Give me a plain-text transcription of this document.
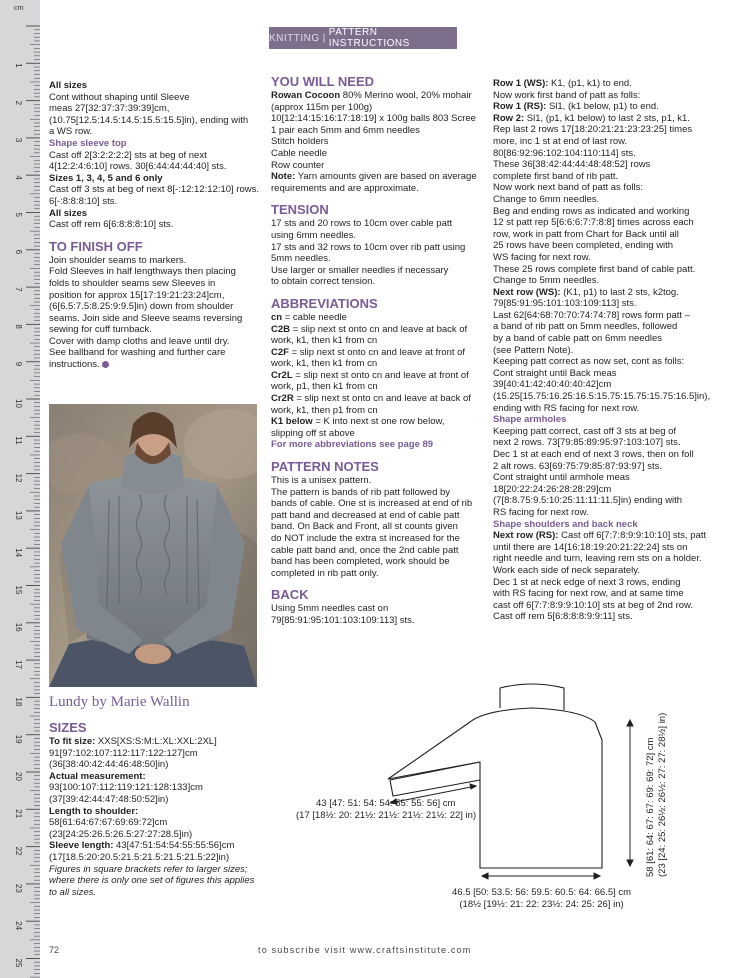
1
2
3
4
5
6
7
8
9
10
11
12
13
14
15
16
17
18
19
20
21
22
23
24
25
cm
KNITTING | PATTERN INSTRUCTIONS

All sizes

Cont without shaping until Sleeve

meas 27[32:37:37:39:39]cm,

(10.75[12.5:14.5:14.5:15.5:15.5]in), ending with

a WS row.

Shape sleeve top

Cast off 2[3:2:2:2:2] sts at beg of next

4[12:2:4:6:10] rows. 30[6:44:44:44:40] sts.

Sizes 1, 3, 4, 5 and 6 only

Cast off 3 sts at beg of next 8[-:12:12:12:10] rows.

6[-:8:8:8:10] sts.

All sizes

Cast off rem 6[6:8:8:8:10] sts.

TO FINISH OFF

Join shoulder seams to markers.

Fold Sleeves in half lengthways then placing

folds to shoulder seams sew Sleeves in

position for approx 15[17:19:21:23:24]cm,

(6[6.5:7.5:8.25:9:9.5]in) down from shoulder

seams. Join side and Sleeve seams reversing

sewing for cuff turnback.

Cover with damp cloths and leave until dry.

See ballband for washing and further care

instructions.

Lundy by Marie Wallin

SIZES

To fit size: XXS[XS:S:M:L:XL:XXL:2XL]

91[97:102:107:112:117:122:127]cm

(36[38:40:42:44:46:48:50]in)

Actual measurement:

93[100:107:112:119:121:128:133]cm

(37[39:42:44:47:48:50:52]in)

Length to shoulder:

58[61:64:67:67:69:69:72]cm

(23[24:25:26.5:26.5:27:27:28.5]in)

Sleeve length: 43[47:51:54:54:55:55:56]cm

(17[18.5:20:20.5:21.5:21.5:21.5:21.5:22]in)

Figures in square brackets refer to larger sizes;

where there is only one set of figures this applies

to all sizes.

YOU WILL NEED

Rowan Cocoon 80% Merino wool, 20% mohair

(approx 115m per 100g)

10[12:14:15:16:17:18:19] x 100g balls 803 Scree

1 pair each 5mm and 6mm needles

Stitch holders

Cable needle

Row counter

Note: Yarn amounts given are based on average

requirements and are approximate.

TENSION

17 sts and 20 rows to 10cm over cable patt

using 6mm needles.

17 sts and 32 rows to 10cm over rib patt using

5mm needles.

Use larger or smaller needles if necessary

to obtain correct tension.

ABBREVIATIONS

cn = cable needle

C2B = slip next st onto cn and leave at back of

work, k1, then k1 from cn

C2F = slip next st onto cn and leave at front of

work, k1, then k1 from cn

Cr2L = slip next st onto cn and leave at front of

work, p1, then k1 from cn

Cr2R = slip next st onto cn and leave at back of

work, k1, then p1 from cn

K1 below = K into next st one row below,

slipping off st above

For more abbreviations see page 89

PATTERN NOTES

This is a unisex pattern.

The pattern is bands of rib patt followed by

bands of cable. One st is increased at end of rib

patt band and decreased at end of cable patt

band. On Back and Front, all st counts given

do NOT include the extra st increased for the

cable patt band and, once the 2nd cable patt

band has been completed, work should be

completed in rib patt only.

BACK

Using 5mm needles cast on

79[85:91:95:101:103:109:113] sts.

Row 1 (WS): K1, (p1, k1) to end.

Now work first band of patt as folls:

Row 1 (RS): Sl1, (k1 below, p1) to end.

Row 2: Sl1, (p1, k1 below) to last 2 sts, p1, k1.

Rep last 2 rows 17[18:20:21:21:23:23:25] times

more, inc 1 st at end of last row.

80[86:92:96:102:104:110:114] sts.

These 36[38:42:44:44:48:48:52] rows

complete first band of rib patt.

Now work next band of patt as folls:

Change to 6mm needles.

Beg and ending rows as indicated and working

12 st patt rep 5[6:6:6:7:7:8:8] times across each

row, work in patt from Chart for Back until all

25 rows have been completed, ending with

WS facing for next row.

These 25 rows complete first band of cable patt.

Change to 5mm needles.

Next row (WS): (K1, p1) to last 2 sts, k2tog.

79[85:91:95:101:103:109:113] sts.

Last 62[64:68:70:70:74:74:78] rows form patt –

a band of rib patt on 5mm needles, followed

by a band of cable patt on 6mm needles

(see Pattern Note).

Keeping patt correct as now set, cont as folls:

Cont straight until Back meas

39[40:41:42:40:40:40:42]cm

(15.25[15.75:16.25:16.5:15.75:15.75:15.75:16.5]in),

ending with RS facing for next row.

Shape armholes

Keeping patt correct, cast off 3 sts at beg of

next 2 rows. 73[79:85:89:95:97:103:107] sts.

Dec 1 st at each end of next 3 rows, then on foll

2 alt rows. 63[69:75:79:85:87:93:97] sts.

Cont straight until armhole meas

18[20:22:24:26:28:28:29]cm

(7[8:8.75:9.5:10:25:11:11:11.5]in) ending with

RS facing for next row.

Shape shoulders and back neck

Next row (RS): Cast off 6[7:7:8:9:9:10:10] sts, patt

until there are 14[16:18:19:20:21:22:24] sts on

right needle and turn, leaving rem sts on a holder.

Work each side of neck separately.

Dec 1 st at neck edge of next 3 rows, ending

with RS facing for next row, and at same time

cast off 6[7:7:8:9:9:10:10] sts at beg of 2nd row.

Cast off rem 5[6:8:8:8:9:9:11] sts.

43 [47: 51: 54: 54: 55: 55: 56] cm
(17 [18½: 20: 21½: 21½: 21½: 21½: 22] in)
46.5 [50: 53.5: 56: 59.5: 60.5: 64: 66.5] cm
(18½ [19½: 21: 22: 23½: 24: 25: 26] in)
58 [61: 64: 67: 67: 69: 69: 72] cm (23 [24: 25: 26½: 26½: 27: 27: 28½] in)
72	to subscribe visit www.craftsinstitute.com
